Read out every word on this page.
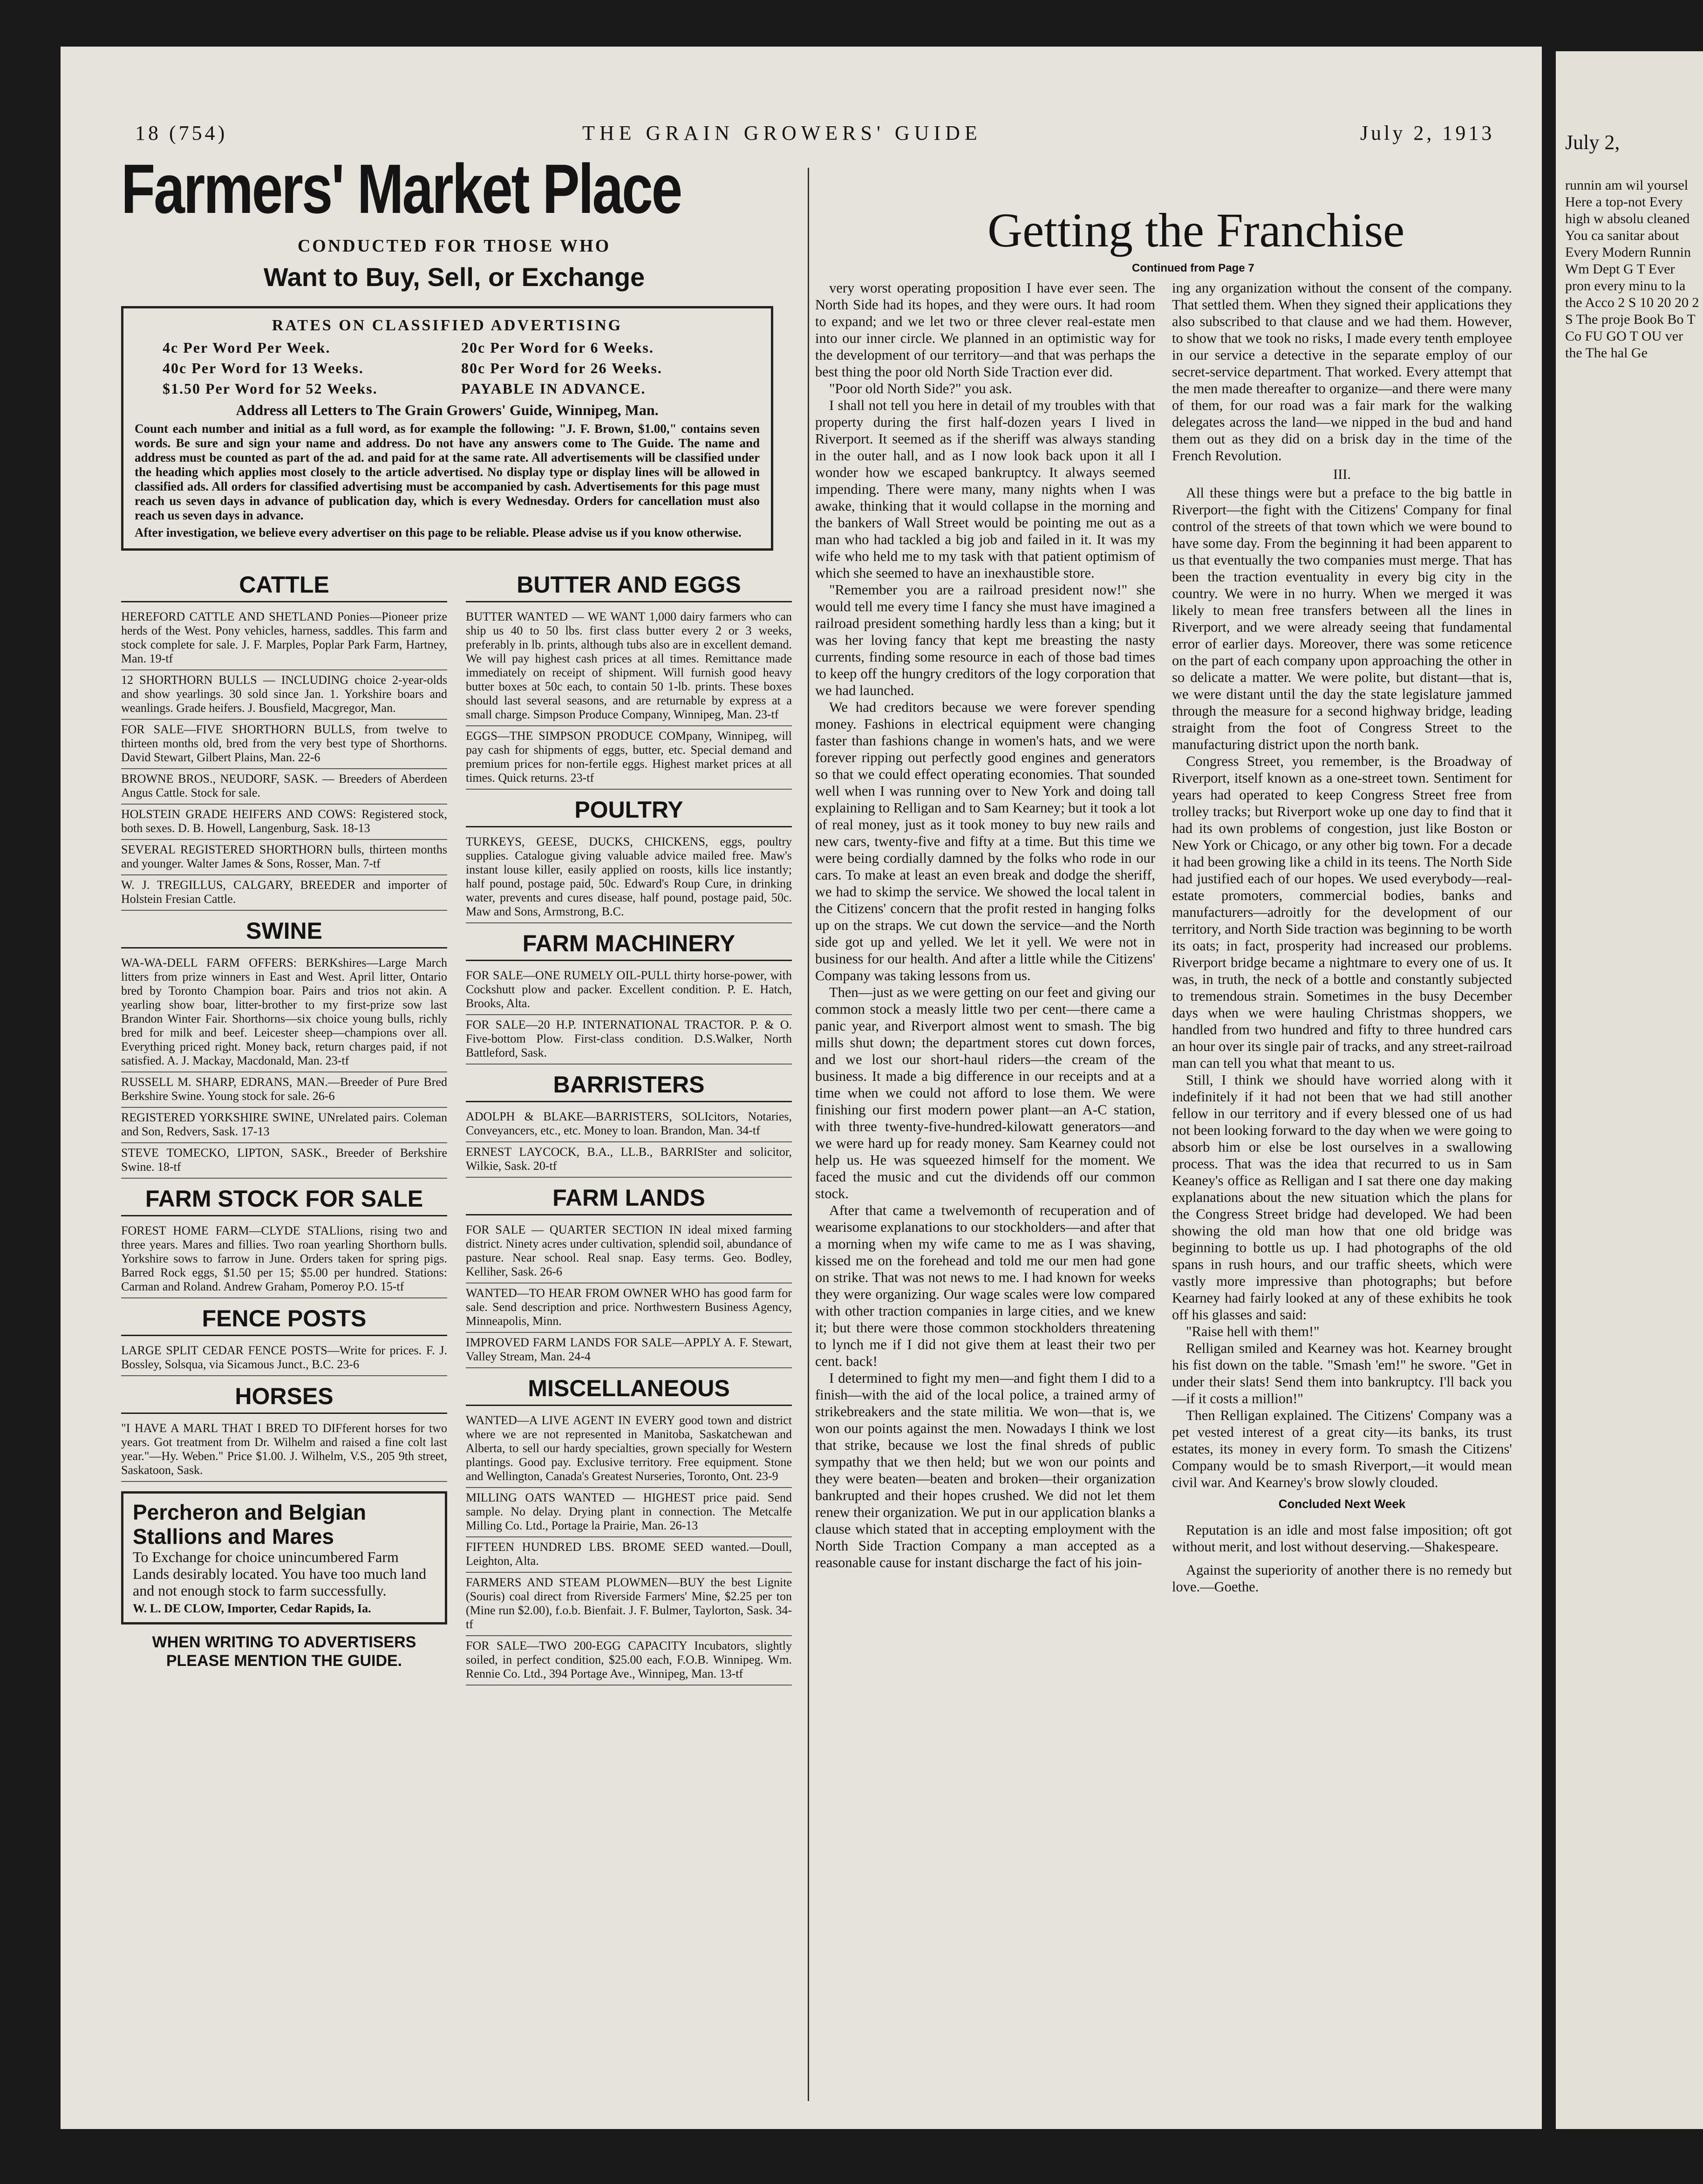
18 (754)	THE GRAIN GROWERS' GUIDE	July 2, 1913
Farmers' Market Place
CONDUCTED FOR THOSE WHO
Want to Buy, Sell, or Exchange
RATES ON CLASSIFIED ADVERTISING
4c Per Word Per Week.	20c Per Word for 6 Weeks.
40c Per Word for 13 Weeks.	80c Per Word for 26 Weeks.
$1.50 Per Word for 52 Weeks.	PAYABLE IN ADVANCE.
Address all Letters to The Grain Growers' Guide, Winnipeg, Man.
Count each number and initial as a full word, as for example the following: "J. F. Brown, $1.00," contains seven words. Be sure and sign your name and address. Do not have any answers come to The Guide. The name and address must be counted as part of the ad. and paid for at the same rate. All advertisements will be classified under the heading which applies most closely to the article advertised. No display type or display lines will be allowed in classified ads. All orders for classified advertising must be accompanied by cash. Advertisements for this page must reach us seven days in advance of publication day, which is every Wednesday. Orders for cancellation must also reach us seven days in advance.
After investigation, we believe every advertiser on this page to be reliable. Please advise us if you know otherwise.
CATTLE
HEREFORD CATTLE AND SHETLAND Ponies—Pioneer prize herds of the West. Pony vehicles, harness, saddles. This farm and stock complete for sale. J. F. Marples, Poplar Park Farm, Hartney, Man. 19-tf
12 SHORTHORN BULLS — INCLUDING choice 2-year-olds and show yearlings. 30 sold since Jan. 1. Yorkshire boars and weanlings. Grade heifers. J. Bousfield, Macgregor, Man.
FOR SALE—FIVE SHORTHORN BULLS, from twelve to thirteen months old, bred from the very best type of Shorthorns. David Stewart, Gilbert Plains, Man. 22-6
BROWNE BROS., NEUDORF, SASK. — Breeders of Aberdeen Angus Cattle. Stock for sale.
HOLSTEIN GRADE HEIFERS AND COWS: Registered stock, both sexes. D. B. Howell, Langenburg, Sask. 18-13
SEVERAL REGISTERED SHORTHORN bulls, thirteen months and younger. Walter James & Sons, Rosser, Man. 7-tf
W. J. TREGILLUS, CALGARY, BREEDER and importer of Holstein Fresian Cattle.
SWINE
WA-WA-DELL FARM OFFERS: BERKshires—Large March litters from prize winners in East and West. April litter, Ontario bred by Toronto Champion boar. Pairs and trios not akin. A yearling show boar, litter-brother to my first-prize sow last Brandon Winter Fair. Shorthorns—six choice young bulls, richly bred for milk and beef. Leicester sheep—champions over all. Everything priced right. Money back, return charges paid, if not satisfied. A. J. Mackay, Macdonald, Man. 23-tf
RUSSELL M. SHARP, EDRANS, MAN.—Breeder of Pure Bred Berkshire Swine. Young stock for sale. 26-6
REGISTERED YORKSHIRE SWINE, UNrelated pairs. Coleman and Son, Redvers, Sask. 17-13
STEVE TOMECKO, LIPTON, SASK., Breeder of Berkshire Swine. 18-tf
FARM STOCK FOR SALE
FOREST HOME FARM—CLYDE STALlions, rising two and three years. Mares and fillies. Two roan yearling Shorthorn bulls. Yorkshire sows to farrow in June. Orders taken for spring pigs. Barred Rock eggs, $1.50 per 15; $5.00 per hundred. Stations: Carman and Roland. Andrew Graham, Pomeroy P.O. 15-tf
FENCE POSTS
LARGE SPLIT CEDAR FENCE POSTS—Write for prices. F. J. Bossley, Solsqua, via Sicamous Junct., B.C. 23-6
HORSES
"I HAVE A MARL THAT I BRED TO DIFferent horses for two years. Got treatment from Dr. Wilhelm and raised a fine colt last year."—Hy. Weben." Price $1.00. J. Wilhelm, V.S., 205 9th street, Saskatoon, Sask.
Percheron and Belgian Stallions and Mares
To Exchange for choice unincumbered Farm Lands desirably located. You have too much land and not enough stock to farm successfully.
W. L. DE CLOW, Importer, Cedar Rapids, Ia.
WHEN WRITING TO ADVERTISERS PLEASE MENTION THE GUIDE.
BUTTER AND EGGS
BUTTER WANTED — WE WANT 1,000 dairy farmers who can ship us 40 to 50 lbs. first class butter every 2 or 3 weeks, preferably in lb. prints, although tubs also are in excellent demand. We will pay highest cash prices at all times. Remittance made immediately on receipt of shipment. Will furnish good heavy butter boxes at 50c each, to contain 50 1-lb. prints. These boxes should last several seasons, and are returnable by express at a small charge. Simpson Produce Company, Winnipeg, Man. 23-tf
EGGS—THE SIMPSON PRODUCE COMpany, Winnipeg, will pay cash for shipments of eggs, butter, etc. Special demand and premium prices for non-fertile eggs. Highest market prices at all times. Quick returns. 23-tf
POULTRY
TURKEYS, GEESE, DUCKS, CHICKENS, eggs, poultry supplies. Catalogue giving valuable advice mailed free. Maw's instant louse killer, easily applied on roosts, kills lice instantly; half pound, postage paid, 50c. Edward's Roup Cure, in drinking water, prevents and cures disease, half pound, postage paid, 50c. Maw and Sons, Armstrong, B.C.
FARM MACHINERY
FOR SALE—ONE RUMELY OIL-PULL thirty horse-power, with Cockshutt plow and packer. Excellent condition. P. E. Hatch, Brooks, Alta.
FOR SALE—20 H.P. INTERNATIONAL TRACTOR. P. & O. Five-bottom Plow. First-class condition. D.S.Walker, North Battleford, Sask.
BARRISTERS
ADOLPH & BLAKE—BARRISTERS, SOLIcitors, Notaries, Conveyancers, etc., etc. Money to loan. Brandon, Man. 34-tf
ERNEST LAYCOCK, B.A., LL.B., BARRISter and solicitor, Wilkie, Sask. 20-tf
FARM LANDS
FOR SALE — QUARTER SECTION IN ideal mixed farming district. Ninety acres under cultivation, splendid soil, abundance of pasture. Near school. Real snap. Easy terms. Geo. Bodley, Kelliher, Sask. 26-6
WANTED—TO HEAR FROM OWNER WHO has good farm for sale. Send description and price. Northwestern Business Agency, Minneapolis, Minn.
IMPROVED FARM LANDS FOR SALE—APPLY A. F. Stewart, Valley Stream, Man. 24-4
MISCELLANEOUS
WANTED—A LIVE AGENT IN EVERY good town and district where we are not represented in Manitoba, Saskatchewan and Alberta, to sell our hardy specialties, grown specially for Western plantings. Good pay. Exclusive territory. Free equipment. Stone and Wellington, Canada's Greatest Nurseries, Toronto, Ont. 23-9
MILLING OATS WANTED — HIGHEST price paid. Send sample. No delay. Drying plant in connection. The Metcalfe Milling Co. Ltd., Portage la Prairie, Man. 26-13
FIFTEEN HUNDRED LBS. BROME SEED wanted.—Doull, Leighton, Alta.
FARMERS AND STEAM PLOWMEN—BUY the best Lignite (Souris) coal direct from Riverside Farmers' Mine, $2.25 per ton (Mine run $2.00), f.o.b. Bienfait. J. F. Bulmer, Taylorton, Sask. 34-tf
FOR SALE—TWO 200-EGG CAPACITY Incubators, slightly soiled, in perfect condition, $25.00 each, F.O.B. Winnipeg. Wm. Rennie Co. Ltd., 394 Portage Ave., Winnipeg, Man. 13-tf
Getting the Franchise
Continued from Page 7

very worst operating proposition I have ever seen. The North Side had its hopes, and they were ours. It had room to expand; and we let two or three clever real-estate men into our inner circle. We planned in an optimistic way for the development of our territory—and that was perhaps the best thing the poor old North Side Traction ever did.

"Poor old North Side?" you ask.

I shall not tell you here in detail of my troubles with that property during the first half-dozen years I lived in Riverport. It seemed as if the sheriff was always standing in the outer hall, and as I now look back upon it all I wonder how we escaped bankruptcy. It always seemed impending. There were many, many nights when I was awake, thinking that it would collapse in the morning and the bankers of Wall Street would be pointing me out as a man who had tackled a big job and failed in it. It was my wife who held me to my task with that patient optimism of which she seemed to have an inexhaustible store.

"Remember you are a railroad president now!" she would tell me every time I fancy she must have imagined a railroad president something hardly less than a king; but it was her loving fancy that kept me breasting the nasty currents, finding some resource in each of those bad times to keep off the hungry creditors of the logy corporation that we had launched.

We had creditors because we were forever spending money. Fashions in electrical equipment were changing faster than fashions change in women's hats, and we were forever ripping out perfectly good engines and generators so that we could effect operating economies. That sounded well when I was running over to New York and doing tall explaining to Relligan and to Sam Kearney; but it took a lot of real money, just as it took money to buy new rails and new cars, twenty-five and fifty at a time. But this time we were being cordially damned by the folks who rode in our cars. To make at least an even break and dodge the sheriff, we had to skimp the service. We showed the local talent in the Citizens' concern that the profit rested in hanging folks up on the straps. We cut down the service—and the North side got up and yelled. We let it yell. We were not in business for our health. And after a little while the Citizens' Company was taking lessons from us.

Then—just as we were getting on our feet and giving our common stock a measly little two per cent—there came a panic year, and Riverport almost went to smash. The big mills shut down; the department stores cut down forces, and we lost our short-haul riders—the cream of the business. It made a big difference in our receipts and at a time when we could not afford to lose them. We were finishing our first modern power plant—an A-C station, with three twenty-five-hundred-kilowatt generators—and we were hard up for ready money. Sam Kearney could not help us. He was squeezed himself for the moment. We faced the music and cut the dividends off our common stock.

After that came a twelvemonth of recuperation and of wearisome explanations to our stockholders—and after that a morning when my wife came to me as I was shaving, kissed me on the forehead and told me our men had gone on strike. That was not news to me. I had known for weeks they were organizing. Our wage scales were low compared with other traction companies in large cities, and we knew it; but there were those common stockholders threatening to lynch me if I did not give them at least their two per cent. back!

I determined to fight my men—and fight them I did to a finish—with the aid of the local police, a trained army of strikebreakers and the state militia. We won—that is, we won our points against the men. Nowadays I think we lost that strike, because we lost the final shreds of public sympathy that we then held; but we won our points and they were beaten—beaten and broken—their organization bankrupted and their hopes crushed. We did not let them renew their organization. We put in our application blanks a clause which stated that in accepting employment with the North Side Traction Company a man accepted as a reasonable cause for instant discharge the fact of his join-

ing any organization without the consent of the company. That settled them. When they signed their applications they also subscribed to that clause and we had them. However, to show that we took no risks, I made every tenth employee in our service a detective in the separate employ of our secret-service department. That worked. Every attempt that the men made thereafter to organize—and there were many of them, for our road was a fair mark for the walking delegates across the land—we nipped in the bud and hand them out as they did on a brisk day in the time of the French Revolution.

III.

All these things were but a preface to the big battle in Riverport—the fight with the Citizens' Company for final control of the streets of that town which we were bound to have some day. From the beginning it had been apparent to us that eventually the two companies must merge. That has been the traction eventuality in every big city in the country. We were in no hurry. When we merged it was likely to mean free transfers between all the lines in Riverport, and we were already seeing that fundamental error of earlier days. Moreover, there was some reticence on the part of each company upon approaching the other in so delicate a matter. We were polite, but distant—that is, we were distant until the day the state legislature jammed through the measure for a second highway bridge, leading straight from the foot of Congress Street to the manufacturing district upon the north bank.

Congress Street, you remember, is the Broadway of Riverport, itself known as a one-street town. Sentiment for years had operated to keep Congress Street free from trolley tracks; but Riverport woke up one day to find that it had its own problems of congestion, just like Boston or New York or Chicago, or any other big town. For a decade it had been growing like a child in its teens. The North Side had justified each of our hopes. We used everybody—real-estate promoters, commercial bodies, banks and manufacturers—adroitly for the development of our territory, and North Side traction was beginning to be worth its oats; in fact, prosperity had increased our problems. Riverport bridge became a nightmare to every one of us. It was, in truth, the neck of a bottle and constantly subjected to tremendous strain. Sometimes in the busy December days when we were hauling Christmas shoppers, we handled from two hundred and fifty to three hundred cars an hour over its single pair of tracks, and any street-railroad man can tell you what that meant to us.

Still, I think we should have worried along with it indefinitely if it had not been that we had still another fellow in our territory and if every blessed one of us had not been looking forward to the day when we were going to absorb him or else be lost ourselves in a swallowing process. That was the idea that recurred to us in Sam Keaney's office as Relligan and I sat there one day making explanations about the new situation which the plans for the Congress Street bridge had developed. We had been showing the old man how that one old bridge was beginning to bottle us up. I had photographs of the old spans in rush hours, and our traffic sheets, which were vastly more impressive than photographs; but before Kearney had fairly looked at any of these exhibits he took off his glasses and said:

"Raise hell with them!"

Relligan smiled and Kearney was hot. Kearney brought his fist down on the table. "Smash 'em!" he swore. "Get in under their slats! Send them into bankruptcy. I'll back you—if it costs a million!"

Then Relligan explained. The Citizens' Company was a pet vested interest of a great city—its banks, its trust estates, its money in every form. To smash the Citizens' Company would be to smash Riverport,—it would mean civil war. And Kearney's brow slowly clouded.

Concluded Next Week

Reputation is an idle and most false imposition; oft got without merit, and lost without deserving.—Shakespeare.

Against the superiority of another there is no remedy but love.—Goethe.

July 2,
runnin am wil yoursel Here a top-not Every high w absolu cleaned You ca sanitar about Every Modern Runnin Wm Dept G T Ever pron every minu to la the Acco 2 S 10 20 20 2 S The proje Book Bo T Co FU GO T OU ver the The hal Ge
